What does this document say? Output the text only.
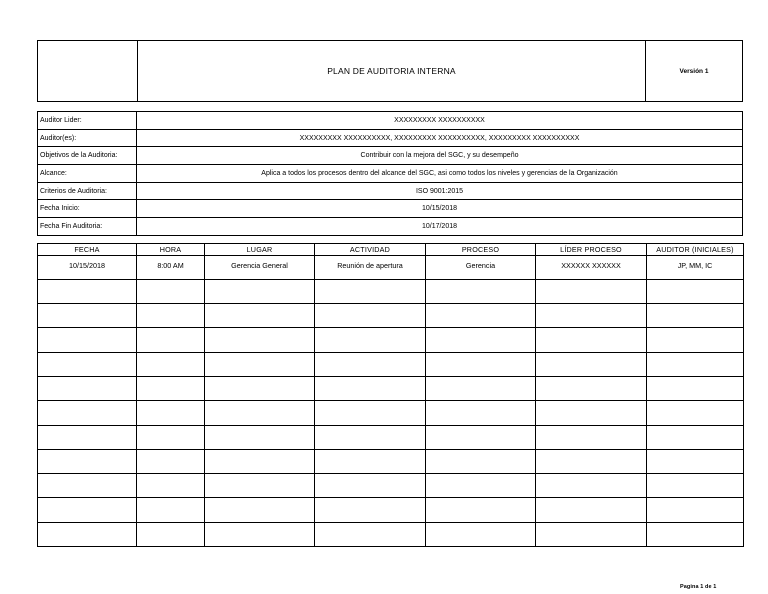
PLAN DE AUDITORIA INTERNA	Versión 1
Auditor Lider:	XXXXXXXXX XXXXXXXXXX
Auditor(es):	XXXXXXXXX XXXXXXXXXX, XXXXXXXXX XXXXXXXXXX, XXXXXXXXX XXXXXXXXXX
Objetivos de la Auditoria:	Contribuir con la mejora del SGC, y su desempeño
Alcance:	Aplica a todos los procesos dentro del alcance del SGC, asi como todos los niveles y gerencias de la Organización
Criterios de Auditoria:	ISO 9001:2015
Fecha Inicio:	10/15/2018
Fecha Fin Auditoria:	10/17/2018
FECHA	HORA	LUGAR	ACTIVIDAD	PROCESO	LÍDER PROCESO	AUDITOR (INICIALES)
10/15/2018	8:00 AM	Gerencia General	Reunión de apertura	Gerencia	XXXXXX XXXXXX	JP, MM, IC

Pagina 1 de 1
